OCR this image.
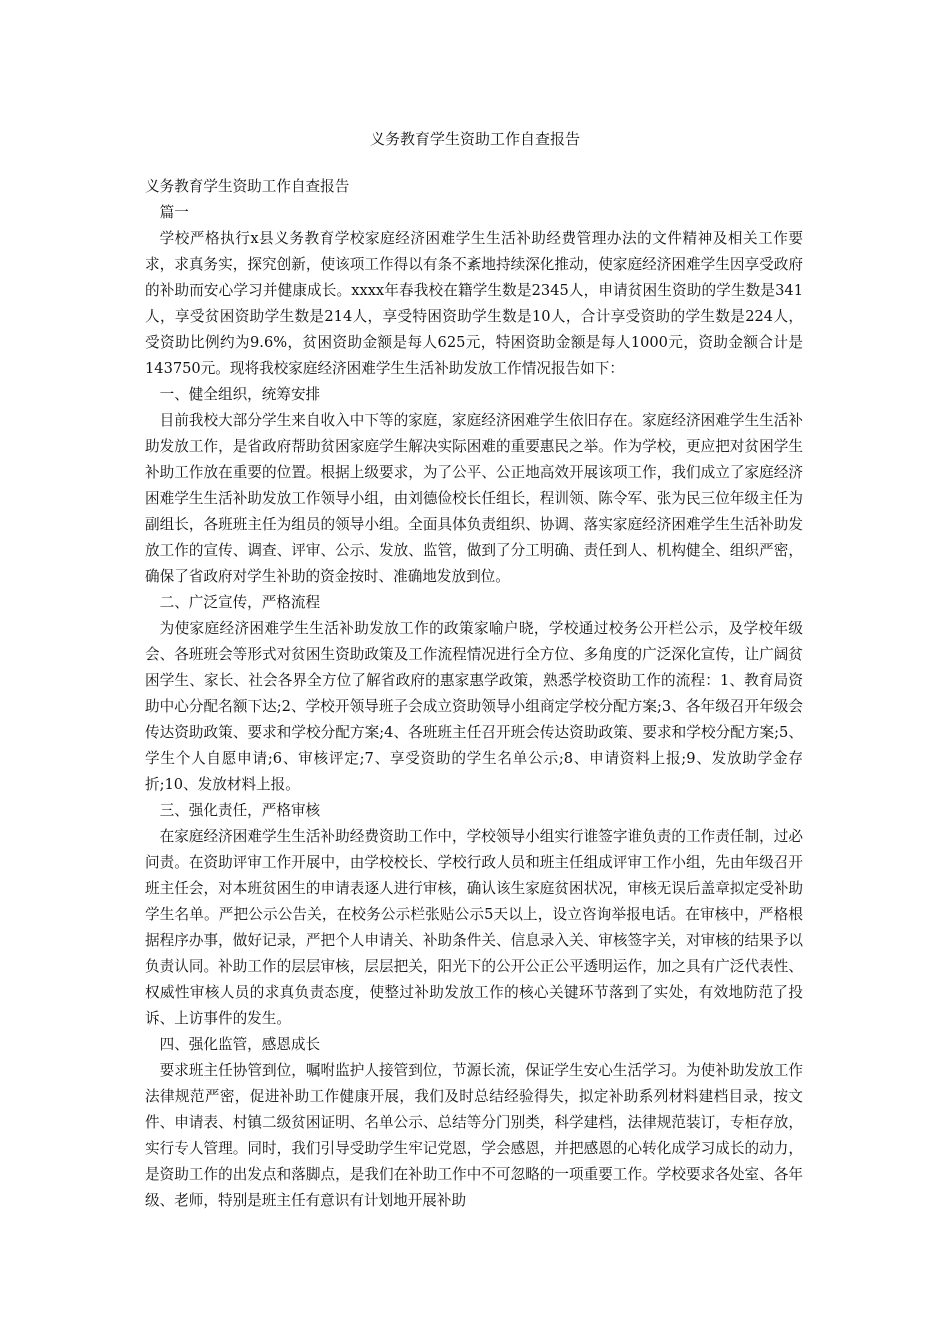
义务教育学生资助工作自查报告

义务教育学生资助工作自查报告

篇一

学校严格执行x县义务教育学校家庭经济困难学生生活补助经费管理办法的文件精神及相关工作要求，求真务实，探究创新，使该项工作得以有条不紊地持续深化推动，使家庭经济困难学生因享受政府的补助而安心学习并健康成长。xxxx年春我校在籍学生数是2345人，申请贫困生资助的学生数是341人，享受贫困资助学生数是214人，享受特困资助学生数是10人，合计享受资助的学生数是224人，受资助比例约为9.6%，贫困资助金额是每人625元，特困资助金额是每人1000元，资助金额合计是143750元。现将我校家庭经济困难学生生活补助发放工作情况报告如下：

一、健全组织，统筹安排

目前我校大部分学生来自收入中下等的家庭，家庭经济困难学生依旧存在。家庭经济困难学生生活补助发放工作，是省政府帮助贫困家庭学生解决实际困难的重要惠民之举。作为学校，更应把对贫困学生补助工作放在重要的位置。根据上级要求，为了公平、公正地高效开展该项工作，我们成立了家庭经济困难学生生活补助发放工作领导小组，由刘德俭校长任组长，程训领、陈令军、张为民三位年级主任为副组长，各班班主任为组员的领导小组。全面具体负责组织、协调、落实家庭经济困难学生生活补助发放工作的宣传、调查、评审、公示、发放、监管，做到了分工明确、责任到人、机构健全、组织严密，确保了省政府对学生补助的资金按时、准确地发放到位。

二、广泛宣传，严格流程

为使家庭经济困难学生生活补助发放工作的政策家喻户晓，学校通过校务公开栏公示，及学校年级会、各班班会等形式对贫困生资助政策及工作流程情况进行全方位、多角度的广泛深化宣传，让广阔贫困学生、家长、社会各界全方位了解省政府的惠家惠学政策，熟悉学校资助工作的流程：1、教育局资助中心分配名额下达;2、学校开领导班子会成立资助领导小组商定学校分配方案;3、各年级召开年级会传达资助政策、要求和学校分配方案;4、各班班主任召开班会传达资助政策、要求和学校分配方案;5、学生个人自愿申请;6、审核评定;7、享受资助的学生名单公示;8、申请资料上报;9、发放助学金存折;10、发放材料上报。

三、强化责任，严格审核

在家庭经济困难学生生活补助经费资助工作中，学校领导小组实行谁签字谁负责的工作责任制，过必问责。在资助评审工作开展中，由学校校长、学校行政人员和班主任组成评审工作小组，先由年级召开班主任会，对本班贫困生的申请表逐人进行审核，确认该生家庭贫困状况，审核无误后盖章拟定受补助学生名单。严把公示公告关，在校务公示栏张贴公示5天以上，设立咨询举报电话。在审核中，严格根据程序办事，做好记录，严把个人申请关、补助条件关、信息录入关、审核签字关，对审核的结果予以负责认同。补助工作的层层审核，层层把关，阳光下的公开公正公平透明运作，加之具有广泛代表性、权威性审核人员的求真负责态度，使整过补助发放工作的核心关键环节落到了实处，有效地防范了投诉、上访事件的发生。

四、强化监管，感恩成长

要求班主任协管到位，嘱咐监护人接管到位，节源长流，保证学生安心生活学习。为使补助发放工作法律规范严密，促进补助工作健康开展，我们及时总结经验得失，拟定补助系列材料建档目录，按文件、申请表、村镇二级贫困证明、名单公示、总结等分门别类，科学建档，法律规范装订，专柜存放，实行专人管理。同时，我们引导受助学生牢记党恩，学会感恩，并把感恩的心转化成学习成长的动力，是资助工作的出发点和落脚点，是我们在补助工作中不可忽略的一项重要工作。学校要求各处室、各年级、老师，特别是班主任有意识有计划地开展补助
